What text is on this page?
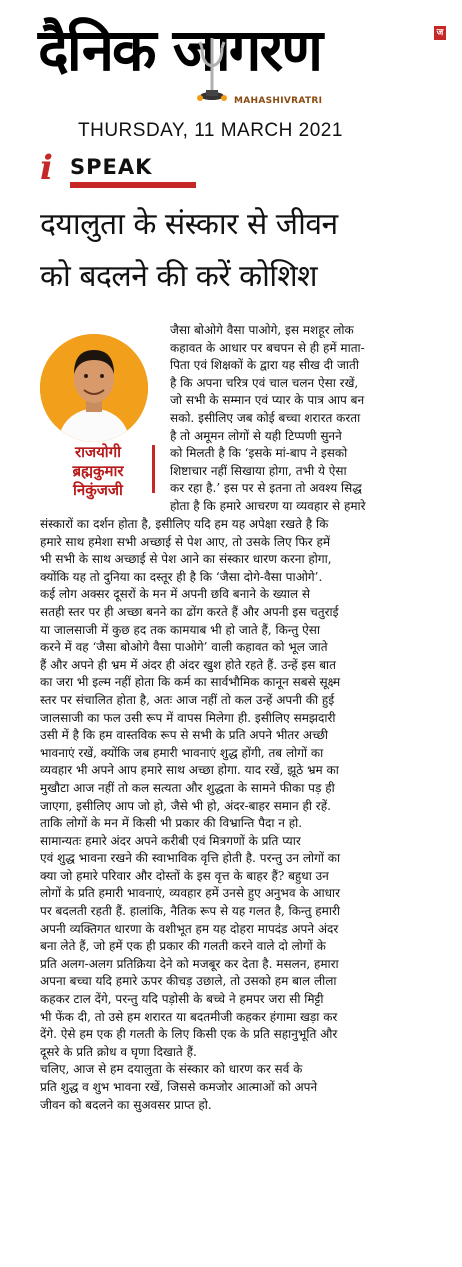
दैनिक जागरण
MAHASHIVRATRI
ज
THURSDAY, 11 MARCH 2021
i SPEAK
दयालुता के संस्कार से जीवन
को बदलने की करें कोशिश
राजयोगी
ब्रह्मकुमार
निकुंजजी
जैसा बोओगे वैसा पाओगे, इस मशहूर लोक
कहावत के आधार पर बचपन से ही हमें माता-
पिता एवं शिक्षकों के द्वारा यह सीख दी जाती
है कि अपना चरित्र एवं चाल चलन ऐसा रखें,
जो सभी के सम्मान एवं प्यार के पात्र आप बन
सको. इसीलिए जब कोई बच्चा शरारत करता
है तो अमूमन लोगों से यही टिप्पणी सुनने
को मिलती है कि ‘इसके मां-बाप ने इसको
शिष्टाचार नहीं सिखाया होगा, तभी ये ऐसा
कर रहा है.’ इस पर से इतना तो अवश्य सिद्ध
होता है कि हमारे आचरण या व्यवहार से हमारे
संस्कारों का दर्शन होता है, इसीलिए यदि हम यह अपेक्षा रखते है कि
हमारे साथ हमेशा सभी अच्छाई से पेश आए, तो उसके लिए फिर हमें
भी सभी के साथ अच्छाई से पेश आने का संस्कार धारण करना होगा,
क्योंकि यह तो दुनिया का दस्तूर ही है कि ‘जैसा दोगे-वैसा पाओगे’.
कई लोग अक्सर दूसरों के मन में अपनी छवि बनाने के ख्याल से
सतही स्तर पर ही अच्छा बनने का ढोंग करते हैं और अपनी इस चतुराई
या जालसाजी में कुछ हद तक कामयाब भी हो जाते हैं, किन्तु ऐसा
करने में वह ‘जैसा बोओगे वैसा पाओगे’ वाली कहावत को भूल जाते
हैं और अपने ही भ्रम में अंदर ही अंदर खुश होते रहते हैं. उन्हें इस बात
का जरा भी इल्म नहीं होता कि कर्म का सार्वभौमिक कानून सबसे सूक्ष्म
स्तर पर संचालित होता है, अतः आज नहीं तो कल उन्हें अपनी की हुई
जालसाजी का फल उसी रूप में वापस मिलेगा ही. इसीलिए समझदारी
उसी में है कि हम वास्तविक रूप से सभी के प्रति अपने भीतर अच्छी
भावनाएं रखें, क्योंकि जब हमारी भावनाएं शुद्ध होंगी, तब लोगों का
व्यवहार भी अपने आप हमारे साथ अच्छा होगा. याद रखें, झूठे भ्रम का
मुखौटा आज नहीं तो कल सत्यता और शुद्धता के सामने फीका पड़ ही
जाएगा, इसीलिए आप जो हो, जैसे भी हो, अंदर-बाहर समान ही रहें.
ताकि लोगों के मन में किसी भी प्रकार की विभ्रान्ति पैदा न हो.
सामान्यतः हमारे अंदर अपने करीबी एवं मित्रगणों के प्रति प्यार
एवं शुद्ध भावना रखने की स्वाभाविक वृत्ति होती है. परन्तु उन लोगों का
क्या जो हमारे परिवार और दोस्तों के इस वृत्त के बाहर हैं? बहुधा उन
लोगों के प्रति हमारी भावनाएं, व्यवहार हमें उनसे हुए अनुभव के आधार
पर बदलती रहती हैं. हालांकि, नैतिक रूप से यह गलत है, किन्तु हमारी
अपनी व्यक्तिगत धारणा के वशीभूत हम यह दोहरा मापदंड अपने अंदर
बना लेते हैं, जो हमें एक ही प्रकार की गलती करने वाले दो लोगों के
प्रति अलग-अलग प्रतिक्रिया देने को मजबूर कर देता है. मसलन, हमारा
अपना बच्चा यदि हमारे ऊपर कीचड़ उछाले, तो उसको हम बाल लीला
कहकर टाल देंगे, परन्तु यदि पड़ोसी के बच्चे ने हमपर जरा सी मिट्टी
भी फेंक दी, तो उसे हम शरारत या बदतमीजी कहकर हंगामा खड़ा कर
देंगे. ऐसे हम एक ही गलती के लिए किसी एक के प्रति सहानुभूति और
दूसरे के प्रति क्रोध व घृणा दिखाते हैं.
चलिए, आज से हम दयालुता के संस्कार को धारण कर सर्व के
प्रति शुद्ध व शुभ भावना रखें, जिससे कमजोर आत्माओं को अपने
जीवन को बदलने का सुअवसर प्राप्त हो.
